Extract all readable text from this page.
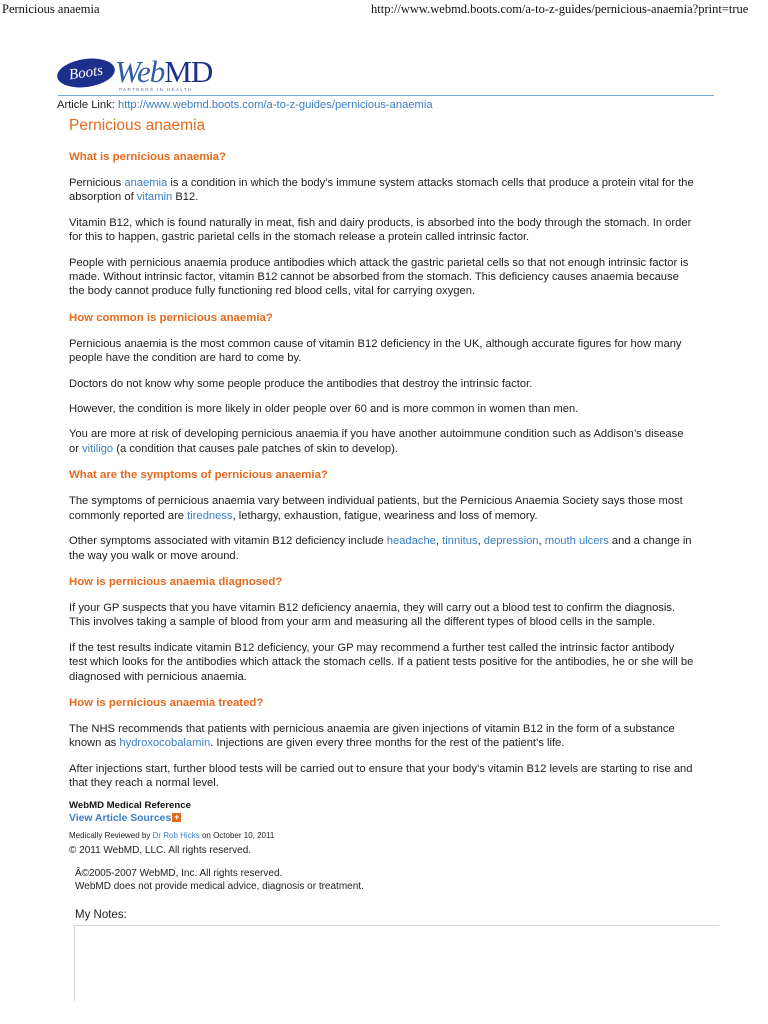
Pernicious anaemia	http://www.webmd.boots.com/a-to-z-guides/pernicious-anaemia?print=true
Boots WebMD
PARTNERS IN HEALTH
Article Link: http://www.webmd.boots.com/a-to-z-guides/pernicious-anaemia
Pernicious anaemia
What is pernicious anaemia?

Pernicious anaemia is a condition in which the body’s immune system attacks stomach cells that produce a protein vital for the
absorption of vitamin B12.

Vitamin B12, which is found naturally in meat, fish and dairy products, is absorbed into the body through the stomach. In order
for this to happen, gastric parietal cells in the stomach release a protein called intrinsic factor.

People with pernicious anaemia produce antibodies which attack the gastric parietal cells so that not enough intrinsic factor is
made. Without intrinsic factor, vitamin B12 cannot be absorbed from the stomach. This deficiency causes anaemia because
the body cannot produce fully functioning red blood cells, vital for carrying oxygen.

How common is pernicious anaemia?

Pernicious anaemia is the most common cause of vitamin B12 deficiency in the UK, although accurate figures for how many
people have the condition are hard to come by.

Doctors do not know why some people produce the antibodies that destroy the intrinsic factor.

However, the condition is more likely in older people over 60 and is more common in women than men.

You are more at risk of developing pernicious anaemia if you have another autoimmune condition such as Addison’s disease
or vitiligo (a condition that causes pale patches of skin to develop).

What are the symptoms of pernicious anaemia?

The symptoms of pernicious anaemia vary between individual patients, but the Pernicious Anaemia Society says those most
commonly reported are tiredness, lethargy, exhaustion, fatigue, weariness and loss of memory.

Other symptoms associated with vitamin B12 deficiency include headache, tinnitus, depression, mouth ulcers and a change in
the way you walk or move around.

How is pernicious anaemia diagnosed?

If your GP suspects that you have vitamin B12 deficiency anaemia, they will carry out a blood test to confirm the diagnosis.
This involves taking a sample of blood from your arm and measuring all the different types of blood cells in the sample.

If the test results indicate vitamin B12 deficiency, your GP may recommend a further test called the intrinsic factor antibody
test which looks for the antibodies which attack the stomach cells. If a patient tests positive for the antibodies, he or she will be
diagnosed with pernicious anaemia.

How is pernicious anaemia treated?

The NHS recommends that patients with pernicious anaemia are given injections of vitamin B12 in the form of a substance
known as hydroxocobalamin. Injections are given every three months for the rest of the patient’s life.

After injections start, further blood tests will be carried out to ensure that your body’s vitamin B12 levels are starting to rise and
that they reach a normal level.

WebMD Medical Reference
View Article Sources +
Medically Reviewed by Dr Rob Hicks on October 10, 2011
© 2011 WebMD, LLC. All rights reserved.
Â©2005-2007 WebMD, Inc. All rights reserved.
WebMD does not provide medical advice, diagnosis or treatment.
My Notes:
